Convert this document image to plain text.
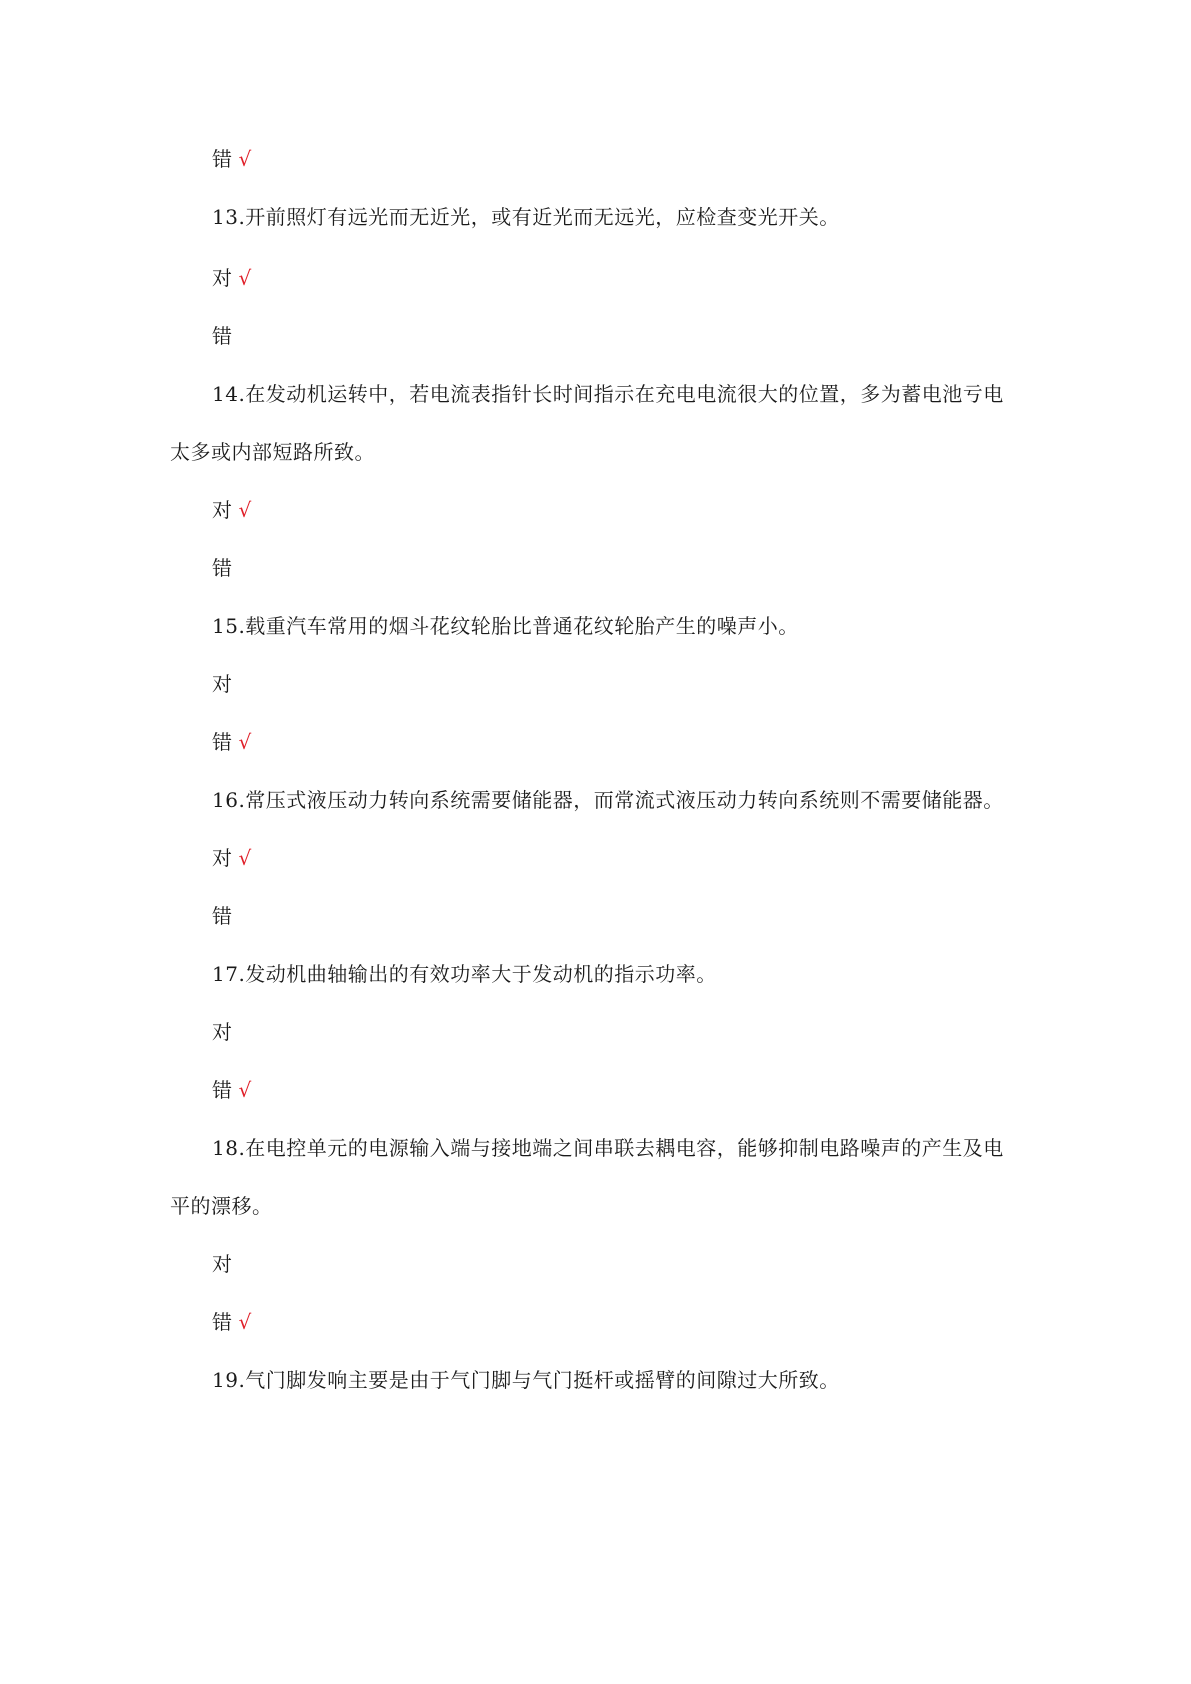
错 √
13.开前照灯有远光而无近光，或有近光而无远光，应检查变光开关。
对 √
错
14.在发动机运转中，若电流表指针长时间指示在充电电流很大的位置，多为蓄电池亏电
太多或内部短路所致。
对 √
错
15.载重汽车常用的烟斗花纹轮胎比普通花纹轮胎产生的噪声小。
对
错 √
16.常压式液压动力转向系统需要储能器，而常流式液压动力转向系统则不需要储能器。
对 √
错
17.发动机曲轴输出的有效功率大于发动机的指示功率。
对
错 √
18.在电控单元的电源输入端与接地端之间串联去耦电容，能够抑制电路噪声的产生及电
平的漂移。
对
错 √
19.气门脚发响主要是由于气门脚与气门挺杆或摇臂的间隙过大所致。
